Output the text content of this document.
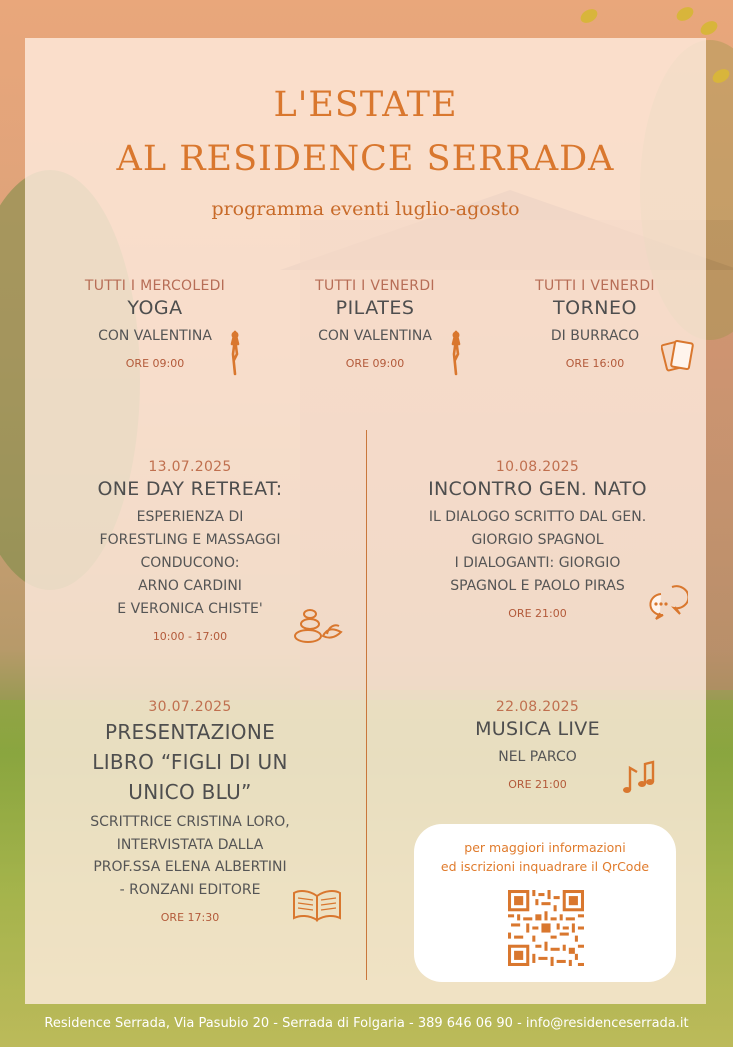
L'ESTATE
AL RESIDENCE SERRADA
programma eventi luglio-agosto
TUTTI I MERCOLEDI
YOGA
CON VALENTINA
ORE 09:00
TUTTI I VENERDI
PILATES
CON VALENTINA
ORE 09:00
TUTTI I VENERDI
TORNEO
DI BURRACO
ORE 16:00
13.07.2025
ONE DAY RETREAT:
ESPERIENZA DI
FORESTLING E MASSAGGI
CONDUCONO:
ARNO CARDINI
E VERONICA CHISTE'
10:00 - 17:00
10.08.2025
INCONTRO GEN. NATO
IL DIALOGO SCRITTO DAL GEN.
GIORGIO SPAGNOL
I DIALOGANTI: GIORGIO
SPAGNOL E PAOLO PIRAS
ORE 21:00
30.07.2025
PRESENTAZIONE
LIBRO “FIGLI DI UN
UNICO BLU”
SCRITTRICE CRISTINA LORO,
INTERVISTATA DALLA
PROF.SSA ELENA ALBERTINI
- RONZANI EDITORE
ORE 17:30
22.08.2025
MUSICA LIVE
NEL PARCO
ORE 21:00
per maggiori informazioni
ed iscrizioni inquadrare il QrCode
Residence Serrada, Via Pasubio 20 - Serrada di Folgaria - 389 646 06 90 - info@residenceserrada.it
